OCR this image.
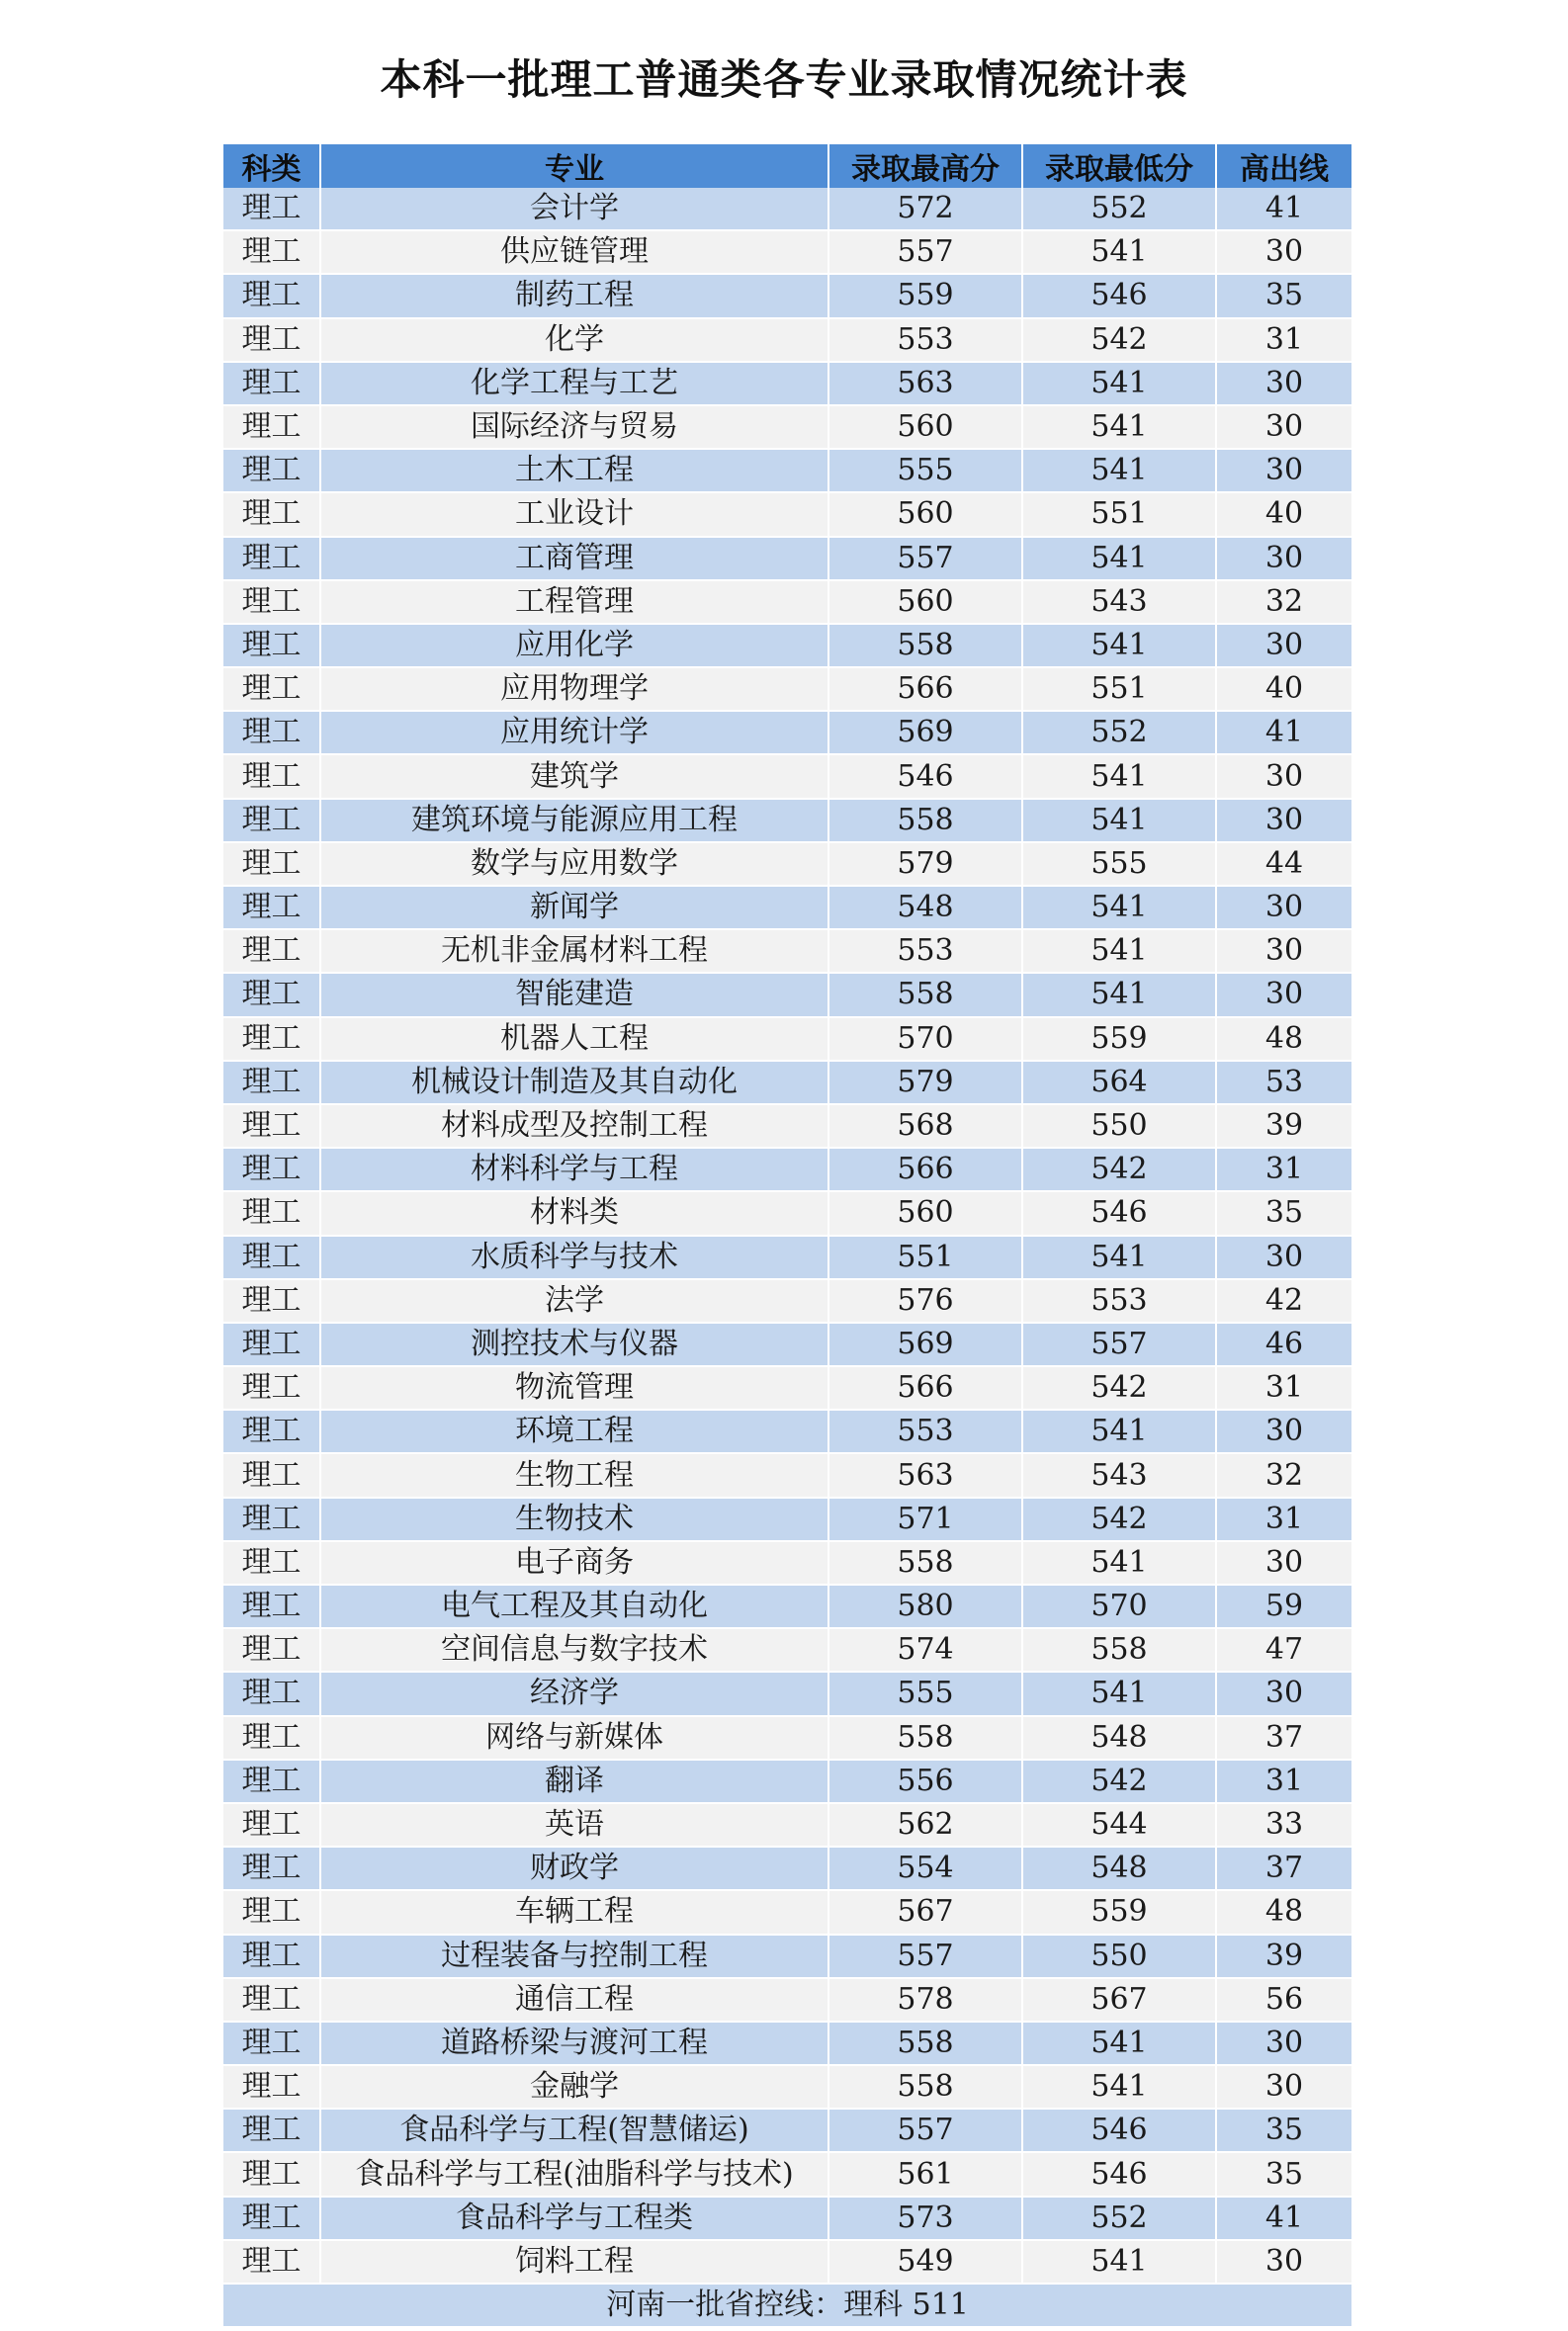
本科一批理工普通类各专业录取情况统计表
科类	专业	录取最高分	录取最低分	高出线
理工	会计学	572	552	41
理工	供应链管理	557	541	30
理工	制药工程	559	546	35
理工	化学	553	542	31
理工	化学工程与工艺	563	541	30
理工	国际经济与贸易	560	541	30
理工	土木工程	555	541	30
理工	工业设计	560	551	40
理工	工商管理	557	541	30
理工	工程管理	560	543	32
理工	应用化学	558	541	30
理工	应用物理学	566	551	40
理工	应用统计学	569	552	41
理工	建筑学	546	541	30
理工	建筑环境与能源应用工程	558	541	30
理工	数学与应用数学	579	555	44
理工	新闻学	548	541	30
理工	无机非金属材料工程	553	541	30
理工	智能建造	558	541	30
理工	机器人工程	570	559	48
理工	机械设计制造及其自动化	579	564	53
理工	材料成型及控制工程	568	550	39
理工	材料科学与工程	566	542	31
理工	材料类	560	546	35
理工	水质科学与技术	551	541	30
理工	法学	576	553	42
理工	测控技术与仪器	569	557	46
理工	物流管理	566	542	31
理工	环境工程	553	541	30
理工	生物工程	563	543	32
理工	生物技术	571	542	31
理工	电子商务	558	541	30
理工	电气工程及其自动化	580	570	59
理工	空间信息与数字技术	574	558	47
理工	经济学	555	541	30
理工	网络与新媒体	558	548	37
理工	翻译	556	542	31
理工	英语	562	544	33
理工	财政学	554	548	37
理工	车辆工程	567	559	48
理工	过程装备与控制工程	557	550	39
理工	通信工程	578	567	56
理工	道路桥梁与渡河工程	558	541	30
理工	金融学	558	541	30
理工	食品科学与工程(智慧储运)	557	546	35
理工	食品科学与工程(油脂科学与技术)	561	546	35
理工	食品科学与工程类	573	552	41
理工	饲料工程	549	541	30
河南一批省控线：理科 511				
